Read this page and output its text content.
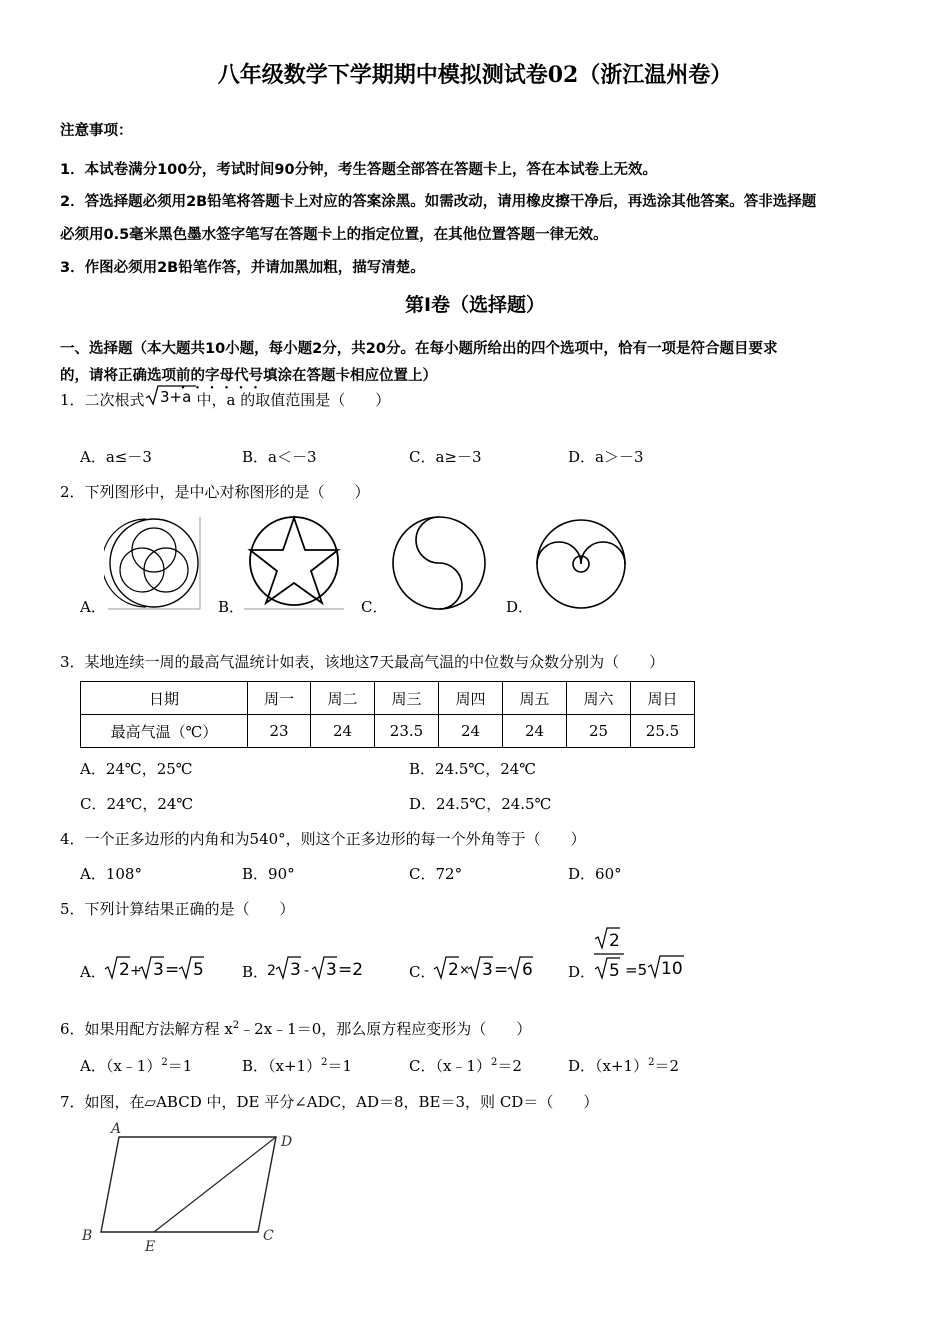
八年级数学下学期期中模拟测试卷02（浙江温州卷）
注意事项：
1．本试卷满分100分，考试时间90分钟，考生答题全部答在答题卡上，答在本试卷上无效。
2．答选择题必须用2B铅笔将答题卡上对应的答案涂黑。如需改动，请用橡皮擦干净后，再选涂其他答案。答非选择题
必须用0.5毫米黑色墨水签字笔写在答题卡上的指定位置，在其他位置答题一律无效。
3．作图必须用2B铅笔作答，并请加黑加粗，描写清楚。
第Ⅰ卷（选择题）
一、选择题（本大题共10小题，每小题2分，共20分。在每小题所给出的四个选项中，恰有一项是符合题目要求
的，请将正确选项前的字母代号填涂在答题卡相应位置上）
1．二次根式 3+a 中，a 的取值范围是（　　）
A．a≤－3	B．a＜－3	C．a≥－3	D．a＞－3
2．下列图形中，是中心对称图形的是（　　）
A．	B．	C．	D．
3．某地连续一周的最高气温统计如表，该地这7天最高气温的中位数与众数分别为（　　）
日期	周一	周二	周三	周四	周五	周六	周日
最高气温（℃）	23	24	23.5	24	24	25	25.5
A．24℃，25℃	B．24.5℃，24℃
C．24℃，24℃	D．24.5℃，24.5℃
4．一个正多边形的内角和为540°，则这个正多边形的每一个外角等于（　　）
A．108°	B．90°	C．72°	D．60°
5．下列计算结果正确的是（　　）
A． 2 + 3 = 5	B．
2 3 - 3 =2	C． 2 × 3 = 6 D．
2
5 =5 10
6．如果用配方法解方程 $x^2﹣2x﹣1=0$，那么原方程应变形为（　　）
A．（x﹣1）$^2$＝1	B．$(x+1)^2=1$	C．（x﹣1）$^2$＝2	D．$(x+1)^2=2$
7．如图，在▱ABCD 中，DE 平分∠ADC，AD＝8，BE＝3，则 CD＝（　　）
A
D
B	C
E
